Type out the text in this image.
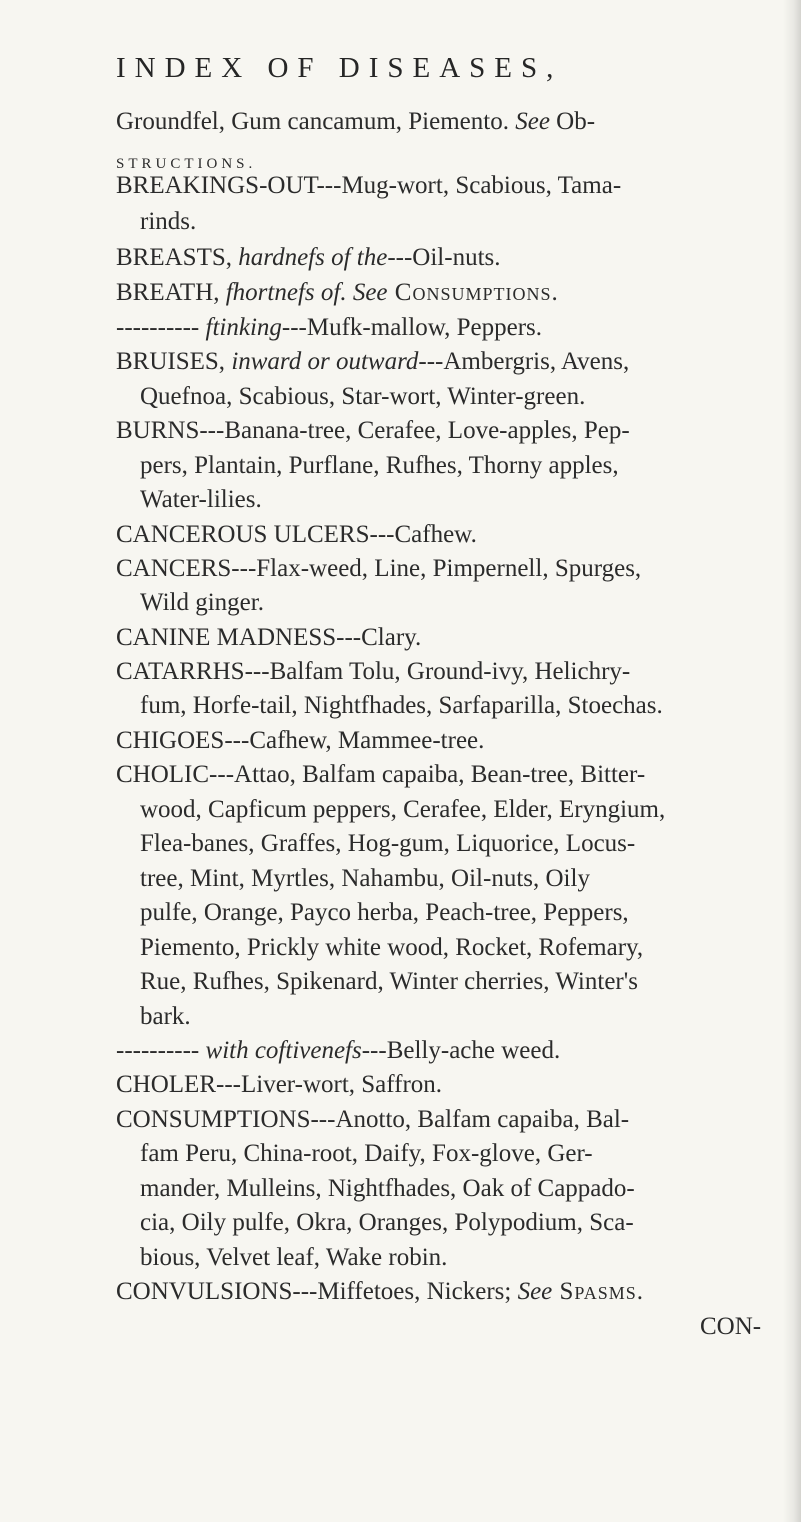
INDEX OF DISEASES,
Groundfel, Gum cancamum, Piemento. See Ob-
STRUCTIONS.
BREAKINGS-OUT---Mug-wort, Scabious, Tama-
rinds.
BREASTS, hardnefs of the---Oil-nuts.
BREATH, fhortnefs of. See Consumptions.
---------- ftinking---Mufk-mallow, Peppers.
BRUISES, inward or outward---Ambergris, Avens,
Quefnoa, Scabious, Star-wort, Winter-green.
BURNS---Banana-tree, Cerafee, Love-apples, Pep-
pers, Plantain, Purflane, Rufhes, Thorny apples,
Water-lilies.
CANCEROUS ULCERS---Cafhew.
CANCERS---Flax-weed, Line, Pimpernell, Spurges,
Wild ginger.
CANINE MADNESS---Clary.
CATARRHS---Balfam Tolu, Ground-ivy, Helichry-
fum, Horfe-tail, Nightfhades, Sarfaparilla, Stoechas.
CHIGOES---Cafhew, Mammee-tree.
CHOLIC---Attao, Balfam capaiba, Bean-tree, Bitter-
wood, Capficum peppers, Cerafee, Elder, Eryngium,
Flea-banes, Graffes, Hog-gum, Liquorice, Locus-
tree, Mint, Myrtles, Nahambu, Oil-nuts, Oily
pulfe, Orange, Payco herba, Peach-tree, Peppers,
Piemento, Prickly white wood, Rocket, Rofemary,
Rue, Rufhes, Spikenard, Winter cherries, Winter's
bark.
---------- with coftivenefs---Belly-ache weed.
CHOLER---Liver-wort, Saffron.
CONSUMPTIONS---Anotto, Balfam capaiba, Bal-
fam Peru, China-root, Daify, Fox-glove, Ger-
mander, Mulleins, Nightfhades, Oak of Cappado-
cia, Oily pulfe, Okra, Oranges, Polypodium, Sca-
bious, Velvet leaf, Wake robin.
CONVULSIONS---Miffetoes, Nickers; See Spasms.
CON-
